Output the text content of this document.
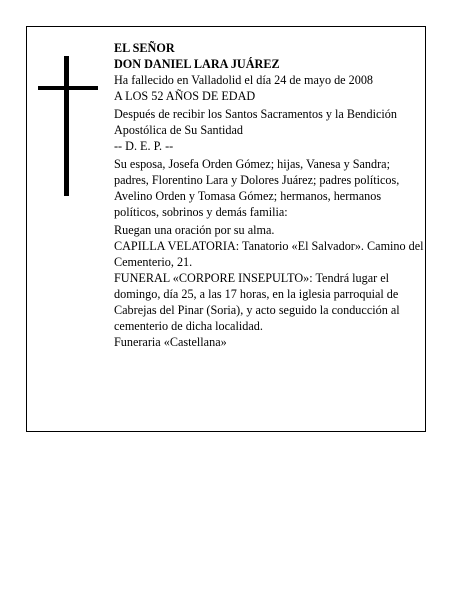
EL SEÑOR

DON DANIEL LARA JUÁREZ

Ha fallecido en Valladolid el día 24 de mayo de 2008

A LOS 52 AÑOS DE EDAD

Después de recibir los Santos Sacramentos y la Bendición Apostólica de Su Santidad

-- D. E. P. --

Su esposa, Josefa Orden Gómez; hijas, Vanesa y Sandra; padres, Florentino Lara y Dolores Juárez; padres políticos, Avelino Orden y Tomasa Gómez; hermanos, hermanos políticos, sobrinos y demás familia:

Ruegan una oración por su alma.

CAPILLA VELATORIA: Tanatorio «El Salvador». Camino del Cementerio, 21.

FUNERAL «CORPORE INSEPULTO»: Tendrá lugar el domingo, día 25, a las 17 horas, en la iglesia parroquial de Cabrejas del Pinar (Soria), y acto seguido la conducción al cementerio de dicha localidad.

Funeraria «Castellana»
